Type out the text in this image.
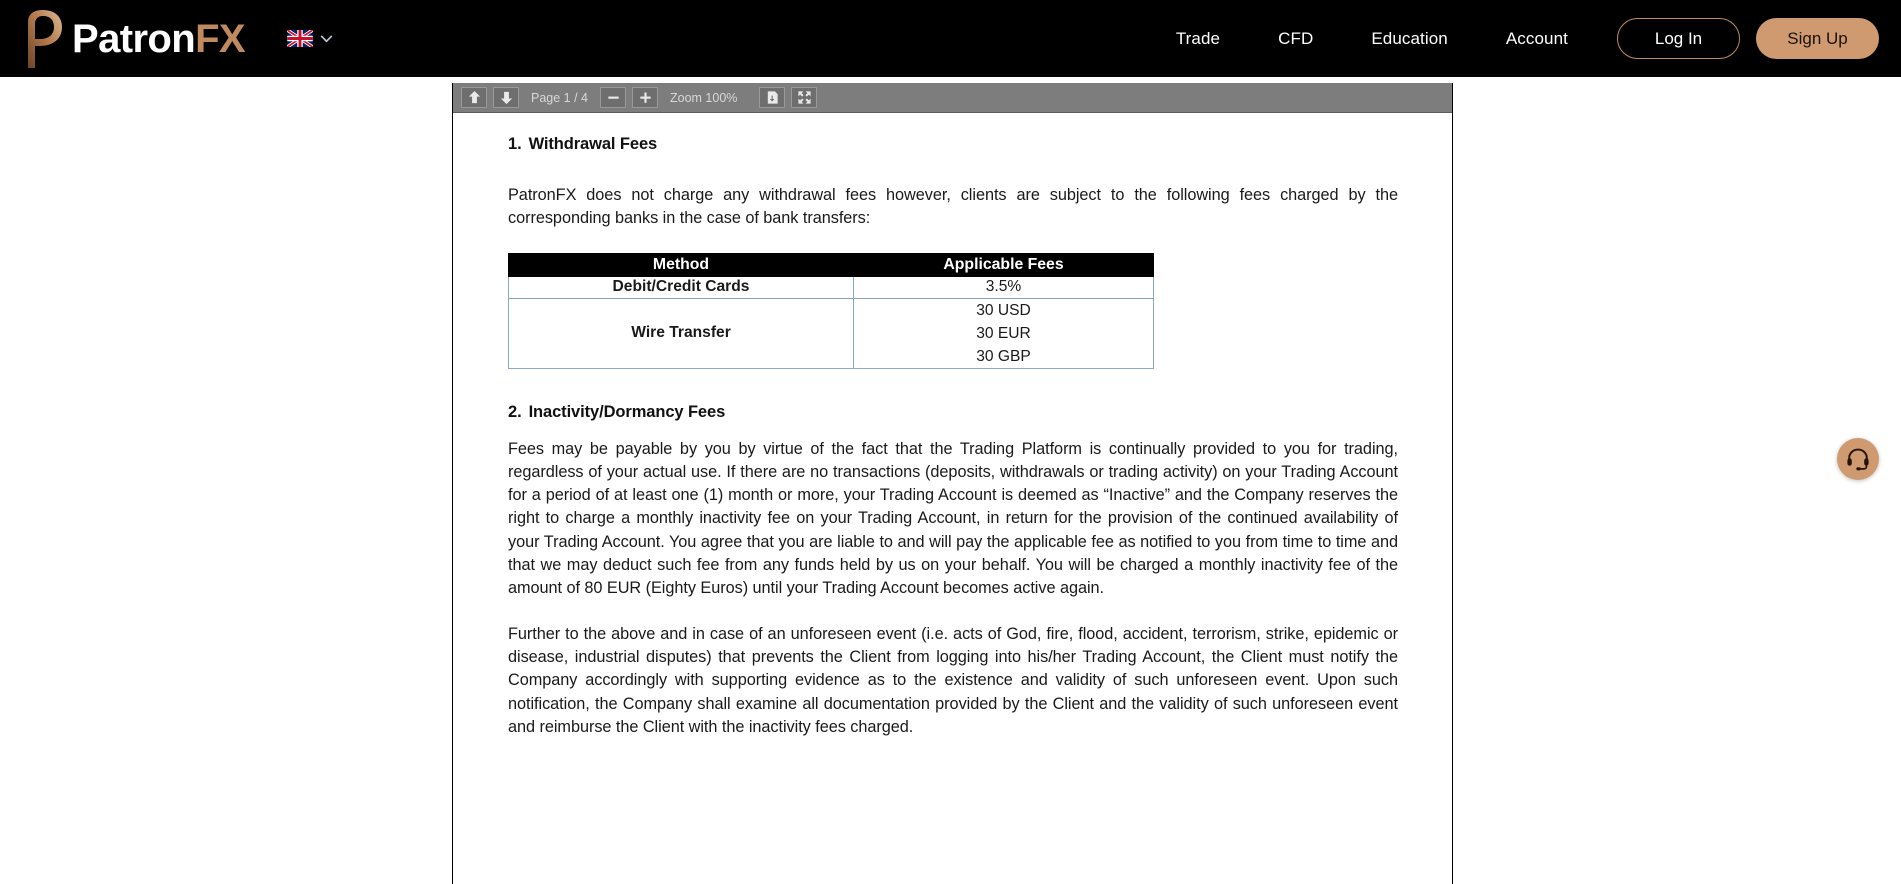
PatronFX	Trade	CFD	Education	Account	Log In	Sign Up
Page 1 / 4	Zoom 100%
1. Withdrawal Fees

PatronFX does not charge any withdrawal fees however, clients are subject to the following fees charged by the corresponding banks in the case of bank transfers:

Method	Applicable Fees
Debit/Credit Cards	3.5%
Wire Transfer	30 USD
30 EUR
30 GBP
2. Inactivity/Dormancy Fees

Fees may be payable by you by virtue of the fact that the Trading Platform is continually provided to you for trading, regardless of your actual use. If there are no transactions (deposits, withdrawals or trading activity) on your Trading Account for a period of at least one (1) month or more, your Trading Account is deemed as “Inactive” and the Company reserves the right to charge a monthly inactivity fee on your Trading Account, in return for the provision of the continued availability of your Trading Account. You agree that you are liable to and will pay the applicable fee as notified to you from time to time and that we may deduct such fee from any funds held by us on your behalf. You will be charged a monthly inactivity fee of the amount of 80 EUR (Eighty Euros) until your Trading Account becomes active again.

Further to the above and in case of an unforeseen event (i.e. acts of God, fire, flood, accident, terrorism, strike, epidemic or disease, industrial disputes) that prevents the Client from logging into his/her Trading Account, the Client must notify the Company accordingly with supporting evidence as to the existence and validity of such unforeseen event. Upon such notification, the Company shall examine all documentation provided by the Client and the validity of such unforeseen event and reimburse the Client with the inactivity fees charged.
